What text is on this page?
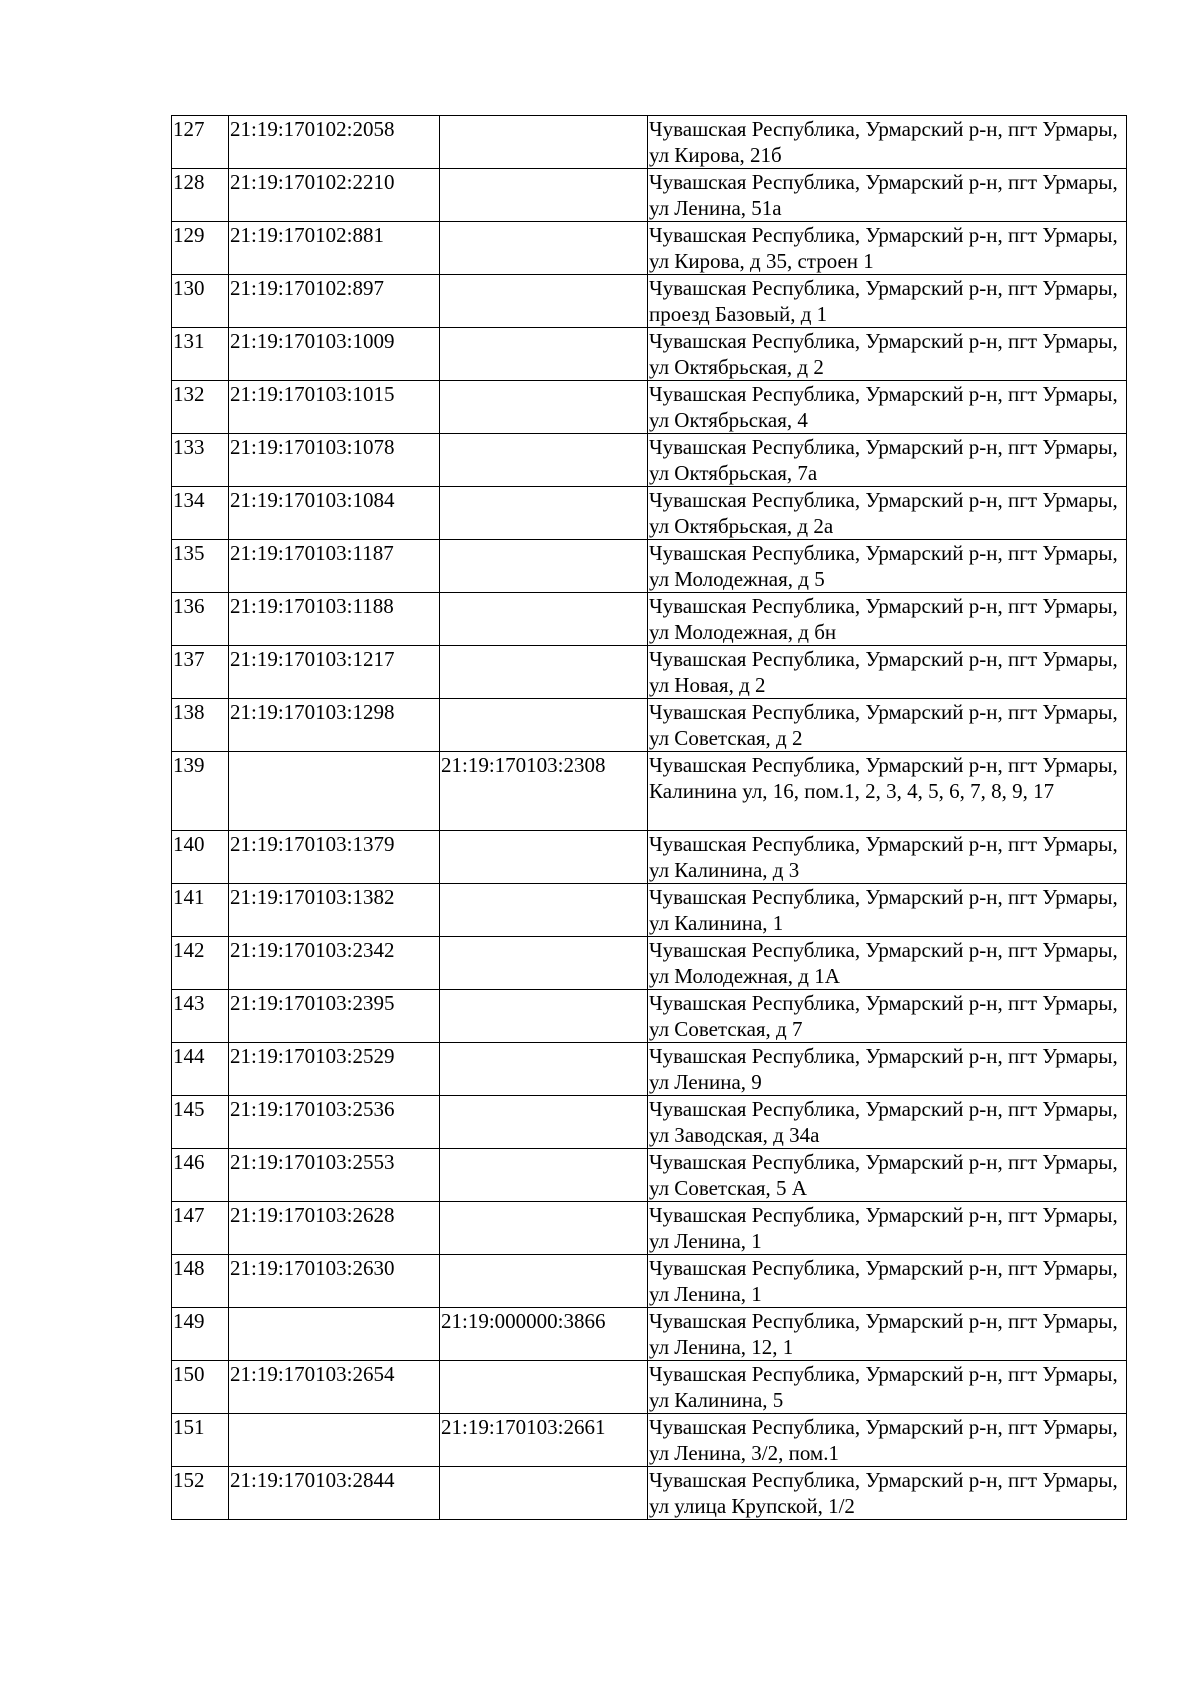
127	21:19:170102:2058		Чувашская Республика, Урмарский р-н, пгт Урмары, ул Кирова, 21б
128	21:19:170102:2210		Чувашская Республика, Урмарский р-н, пгт Урмары, ул Ленина, 51а
129	21:19:170102:881		Чувашская Республика, Урмарский р-н, пгт Урмары, ул Кирова, д 35, строен 1
130	21:19:170102:897		Чувашская Республика, Урмарский р-н, пгт Урмары, проезд Базовый, д 1
131	21:19:170103:1009		Чувашская Республика, Урмарский р-н, пгт Урмары, ул Октябрьская, д 2
132	21:19:170103:1015		Чувашская Республика, Урмарский р-н, пгт Урмары, ул Октябрьская, 4
133	21:19:170103:1078		Чувашская Республика, Урмарский р-н, пгт Урмары, ул Октябрьская, 7а
134	21:19:170103:1084		Чувашская Республика, Урмарский р-н, пгт Урмары, ул Октябрьская, д 2а
135	21:19:170103:1187		Чувашская Республика, Урмарский р-н, пгт Урмары, ул Молодежная, д 5
136	21:19:170103:1188		Чувашская Республика, Урмарский р-н, пгт Урмары, ул Молодежная, д бн
137	21:19:170103:1217		Чувашская Республика, Урмарский р-н, пгт Урмары, ул Новая, д 2
138	21:19:170103:1298		Чувашская Республика, Урмарский р-н, пгт Урмары, ул Советская, д 2
139		21:19:170103:2308	Чувашская Республика, Урмарский р-н, пгт Урмары, Калинина ул, 16, пом.1, 2, 3, 4, 5, 6, 7, 8, 9, 17
140	21:19:170103:1379		Чувашская Республика, Урмарский р-н, пгт Урмары, ул Калинина, д 3
141	21:19:170103:1382		Чувашская Республика, Урмарский р-н, пгт Урмары, ул Калинина, 1
142	21:19:170103:2342		Чувашская Республика, Урмарский р-н, пгт Урмары, ул Молодежная, д 1А
143	21:19:170103:2395		Чувашская Республика, Урмарский р-н, пгт Урмары, ул Советская, д 7
144	21:19:170103:2529		Чувашская Республика, Урмарский р-н, пгт Урмары, ул Ленина, 9
145	21:19:170103:2536		Чувашская Республика, Урмарский р-н, пгт Урмары, ул Заводская, д 34а
146	21:19:170103:2553		Чувашская Республика, Урмарский р-н, пгт Урмары, ул Советская, 5 А
147	21:19:170103:2628		Чувашская Республика, Урмарский р-н, пгт Урмары, ул Ленина, 1
148	21:19:170103:2630		Чувашская Республика, Урмарский р-н, пгт Урмары, ул Ленина, 1
149		21:19:000000:3866	Чувашская Республика, Урмарский р-н, пгт Урмары, ул Ленина, 12, 1
150	21:19:170103:2654		Чувашская Республика, Урмарский р-н, пгт Урмары, ул Калинина, 5
151		21:19:170103:2661	Чувашская Республика, Урмарский р-н, пгт Урмары, ул Ленина, 3/2, пом.1
152	21:19:170103:2844		Чувашская Республика, Урмарский р-н, пгт Урмары, ул улица Крупской, 1/2
